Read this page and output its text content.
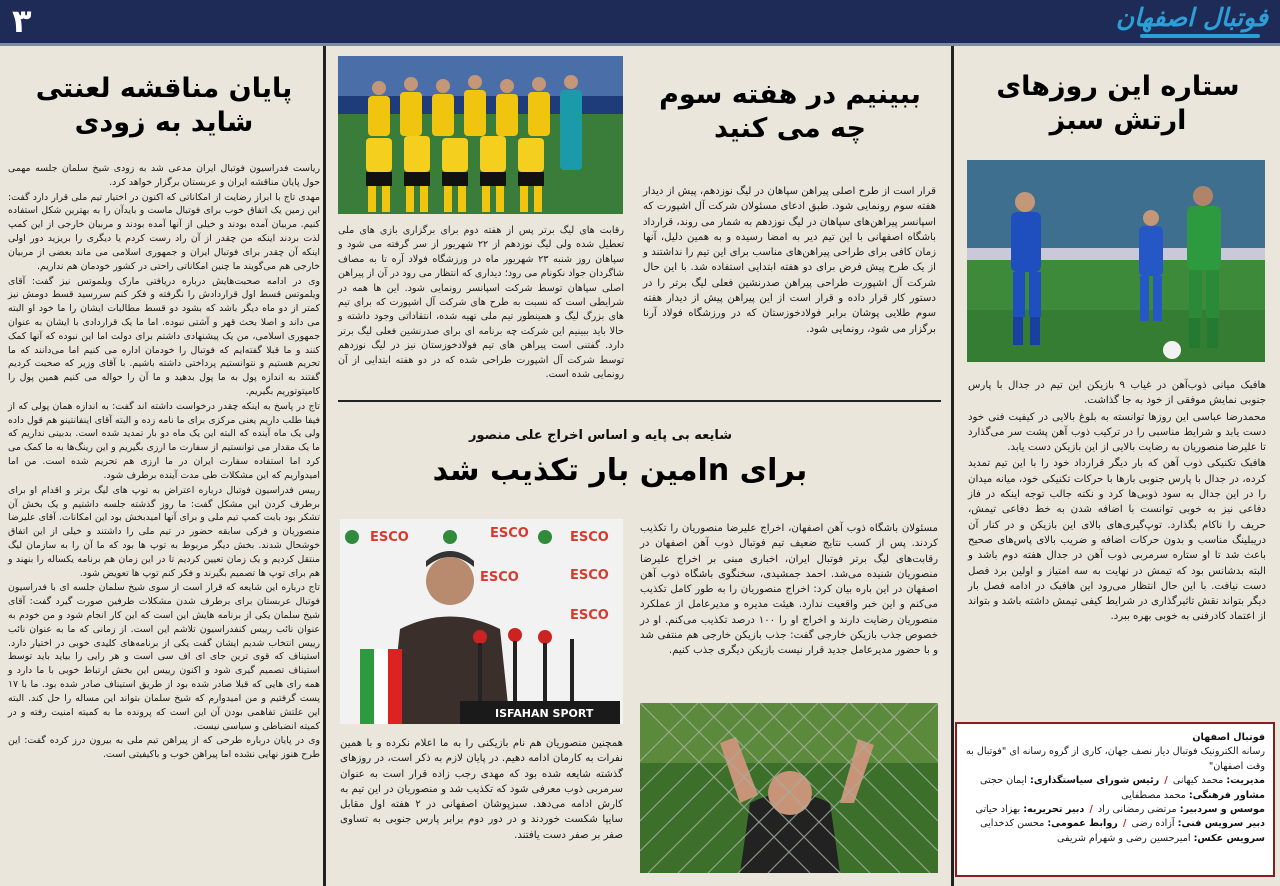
۳	فوتبال اصفهان
ستاره این روزهای
ارتش سبز

هافبک میانی ذوب‌آهن در غیاب ۹ بازیکن این تیم در جدال با پارس جنوبی نمایش موفقی از خود به جا گذاشت.

محمدرضا عباسی این روزها توانسته به بلوغ بالایی در کیفیت فنی خود دست یابد و شرایط مناسبی را در ترکیب ذوب آهن پشت سر می‌گذارد تا علیرضا منصوریان به رضایت بالایی از این بازیکن دست یابد.

هافبک تکنیکی ذوب آهن که بار دیگر قرارداد خود را با این تیم تمدید کرده، در جدال با پارس جنوبی بارها با حرکات تکنیکی خود، میانه میدان را در این جدال به سود ذوبی‌ها کرد و نکته جالب توجه اینکه در فاز دفاعی نیز به خوبی توانست با اضافه شدن به خط دفاعی تیمش، حریف را ناکام بگذارد. توپ‌گیری‌های بالای این بازیکن و در کنار آن دریبلینگ مناسب و بدون حرکات اضافه و ضریب بالای پاس‌های صحیح باعث شد تا او ستاره سرمربی ذوب آهن در جدال هفته دوم باشد و البته بدشانس بود که تیمش در نهایت به سه امتیاز و اولین برد فصل دست نیافت. با این حال انتظار می‌رود این هافبک در ادامه فصل بار دیگر بتواند نقش تاثیرگذاری در شرایط کیفی تیمش داشته باشد و بتواند از اعتماد کادرفنی به خوبی بهره ببرد.

فوتبال اصفهان
رسانه الکترونیک فوتبال دیار نصف جهان، کاری از گروه رسانه ای "فوتبال به وقت اصفهان"
مدیریت: محمد کیهانی / رئیس شورای سیاستگذاری: ایمان حجتی
مشاور فرهنگی: محمد مصطفایی
موسس و سردبیر: مرتضی رمضانی راد / دبیر تحریریه: بهزاد حیاتی
دبیر سرویس فنی: آزاده رضی / روابط عمومی: محسن کدخدایی
سرویس عکس: امیرحسین رضی و شهرام شریفی
ببینیم در هفته سوم
چه می کنید

قرار است از طرح اصلی پیراهن سپاهان در لیگ نوزدهم، پیش از دیدار هفته سوم رونمایی شود. طبق ادعای مسئولان شرکت آل اشپورت که اسپانسر پیراهن‌های سپاهان در لیگ نوزدهم به شمار می روند، قرارداد باشگاه اصفهانی با این تیم دیر به امضا رسیده و به همین دلیل، آنها زمان کافی برای طراحی پیراهن‌های مناسب برای این تیم را نداشتند و از یک طرح پیش فرض برای دو هفته ابتدایی استفاده شد. با این حال شرکت آل اشپورت طراحی پیراهن صدرنشین فعلی لیگ برتر را در دستور کار قرار داده و قرار است از این پیراهن پیش از دیدار هفته سوم طلایی پوشان برابر فولادخوزستان که در ورزشگاه فولاد آرنا برگزار می شود، رونمایی شود.

رقابت های لیگ برتر پس از هفته دوم برای برگزاری بازی های ملی تعطیل شده ولی لیگ نوزدهم از ۲۲ شهریور از سر گرفته می شود و سپاهان روز شنبه ۲۳ شهریور ماه در ورزشگاه فولاد آره تا به مصاف شاگردان جواد نکونام می رود؛ دیداری که انتظار می رود در آن از پیراهن اصلی سپاهان توسط شرکت اسپانسر رونمایی شود. این ها همه در شرایطی است که نسبت به طرح های شرکت آل اشپورت که برای تیم های بزرگ لیگ و همینطور تیم ملی تهیه شده، انتقاداتی وجود داشته و حالا باید ببینیم این شرکت چه برنامه ای برای صدرنشین فعلی لیگ برتر دارد. گفتنی است پیراهن های تیم فولادخوزستان نیز در لیگ نوزدهم توسط شرکت آل اشپورت طراحی شده که در دو هفته ابتدایی از آن رونمایی شده است.

شایعه بی پایه و اساس اخراج علی منصور
برای nامین بار تکذیب شد
ESCO	ESCO	ESCO
ESCO	ESCO
ESCO
ISFAHAN SPORT

مسئولان باشگاه ذوب آهن اصفهان، اخراج علیرضا منصوریان را تکذیب کردند. پس از کسب نتایج ضعیف تیم فوتبال ذوب آهن اصفهان در رقابت‌های لیگ برتر فوتبال ایران، اخباری مبنی بر اخراج علیرضا منصوریان شنیده می‌شد. احمد جمشیدی، سخنگوی باشگاه ذوب آهن اصفهان در این باره بیان کرد: اخراج منصوریان را به طور کامل تکذیب می‌کنم و این خبر واقعیت ندارد. هیئت مدیره و مدیرعامل از عملکرد منصوریان رضایت دارند و اخراج او را ۱۰۰ درصد تکذیب می‌کنم. او در خصوص جذب بازیکن خارجی گفت: جذب بازیکن خارجی هم منتفی شد و با حضور مدیرعامل جدید قرار نیست بازیکن دیگری جذب کنیم.

همچنین منصوریان هم نام بازیکنی را به ما اعلام نکرده و با همین نفرات به کارمان ادامه دهیم. در پایان لازم به ذکر است، در روزهای گذشته شایعه شده بود که مهدی رجب زاده قرار است به عنوان سرمربی ذوب معرفی شود که تکذیب شد و منصوریان در این تیم به کارش ادامه می‌دهد. سبزپوشان اصفهانی در ۲ هفته اول مقابل سایپا شکست خوردند و در دور دوم برابر پارس جنوبی به تساوی صفر بر صفر دست یافتند.

پایان مناقشه لعنتی
شاید به زودی

ریاست فدراسیون فوتبال ایران مدعی شد به زودی شیخ سلمان جلسه مهمی حول پایان مناقشه ایران و عربستان برگزار خواهد کرد.

مهدی تاج با ابراز رضایت از امکاناتی که اکنون در اختیار تیم ملی قرار دارد گفت: این زمین یک اتفاق خوب برای فوتبال ماست و بایدآن را به بهترین شکل استفاده کنیم. مربیان آمده بودند و خیلی از آنها آمده بودند و مربیان خارجی از این کمپ لذت بردند اینکه من چقدر از آن راد رست کردم یا دیگری را بریزید دور اولی اینکه آن چقدر برای فوتبال ایران و جمهوری اسلامی می ماند بعضی از مربیان خارجی هم می‌گویند ما چنین امکاناتی راحتی در کشور خودمان هم نداریم.

وی در ادامه صحبت‌هایش درباره دریافتی مارک ویلموتس نیز گفت: آقای ویلموتس قسط اول قراردادش را نگرفته و فکر کنم سررسید قسط دومش نیز کمتر از دو ماه دیگر باشد که بشود دو قسط مطالبات ایشان را ما خود او البته می داند و اصلا بحث قهر و آشتی نبوده. اما ما یک قراردادی با ایشان به عنوان جمهوری اسلامی، من یک پیشنهادی داشتم برای دولت اما این نبوده که آنها کمک کنند و ما قبلا گفته‌ایم که فوتبال را خودمان اداره می کنیم اما می‌دانند که ما تحریم هستیم و نتوانستیم پرداختی داشته باشیم. با آقای وزیر که صحبت کردیم گفتند به اندازه پول به ما پول بدهید و ما آن را حواله می کنیم همین پول را کامپتوتوریم بگیریم.

تاج در پاسخ به اینکه چقدر درخواست داشته اند گفت: به اندازه همان پولی که از فیفا طلب داریم یعنی مرکزی برای ما نامه زده و البته آقای اینفانتینو هم قول داده ولی یک ماه آینده که البته این یک ماه دو بار تمدید شده است. بدبینی نداریم که ما یک مقدار می توانستیم از سفارت ما ارزی بگیریم و این رینگ‌ها به ما کمک می کرد اما استفاده سفارت ایران در ما ارزی هم تحریم شده است. من اما امیدواریم که این مشکلات طی مدت آینده برطرف شود.

رییس فدراسیون فوتبال درباره اعتراض به توپ های لیگ برتر و اقدام او برای برطرف کردن این مشکل گفت: ما روز گذشته جلسه داشتیم و یک بخش آن تشکر بود بابت کمپ تیم ملی و برای آنها امیدبخش بود این امکانات. آقای علیرضا منصوریان و فرکی سابقه حضور در تیم ملی را داشتند و خیلی از این اتفاق خوشحال شدند. بخش دیگر مربوط به توپ ها بود که ما آن را به سازمان لیگ منتقل کردیم و یک زمان تعیین کردیم تا در این زمان هم برنامه یکساله را بنهند و هم برای توپ ها تصمیم بگیرند و فکر کنم توپ ها تعویض شود.

تاج درباره این شایعه که قرار است از سوی شیخ سلمان جلسه ای با فدراسیون فوتبال عربستان برای برطرف شدن مشکلات طرفین صورت گیرد گفت: آقای شیخ سلمان یکی از برنامه هایش این است که این کار انجام شود و من خودم به عنوان نائب رییس کنفدراسیون تلاشم این است. از زمانی که ما به عنوان نائب رییس انتخاب شدیم ایشان گفت یکی از برنامه‌های کلیدی خوبی در اختیار دارد. استیناف که قوی ترین جای ای اف سی است و هر رایی را بیاید باید توسط استیناف تصمیم گیری شود و اکنون رییس این بخش ارتباط خوبی با ما دارد و همه رای هایی که قبلا صادر شده بود از طریق استیناف صادر شده بود. ما با ۱۷ پست گرفتیم و من امیدوارم که شیخ سلمان بتواند این مساله را حل کند. البته این علتش تفاهمی بودن آن این است که پرونده ما به کمیته امنیت رفته و در کمیته انضباطی و سیاسی نیست.

وی در پایان درباره طرحی که از پیراهن تیم ملی به بیرون درز کرده گفت: این طرح هنوز نهایی نشده اما پیراهن خوب و باکیفیتی است.
